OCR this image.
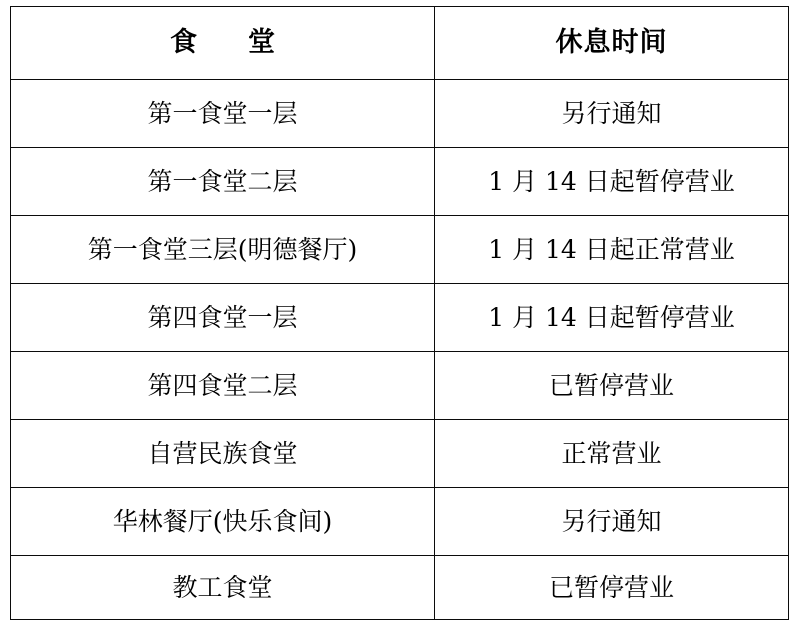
食　堂	休息时间

第一食堂一层	另行通知

第一食堂二层	1 月 14 日起暂停营业

第一食堂三层(明德餐厅)	1 月 14 日起正常营业

第四食堂一层	1 月 14 日起暂停营业

第四食堂二层	已暂停营业

自营民族食堂	正常营业

华林餐厅(快乐食间)	另行通知

教工食堂	已暂停营业
